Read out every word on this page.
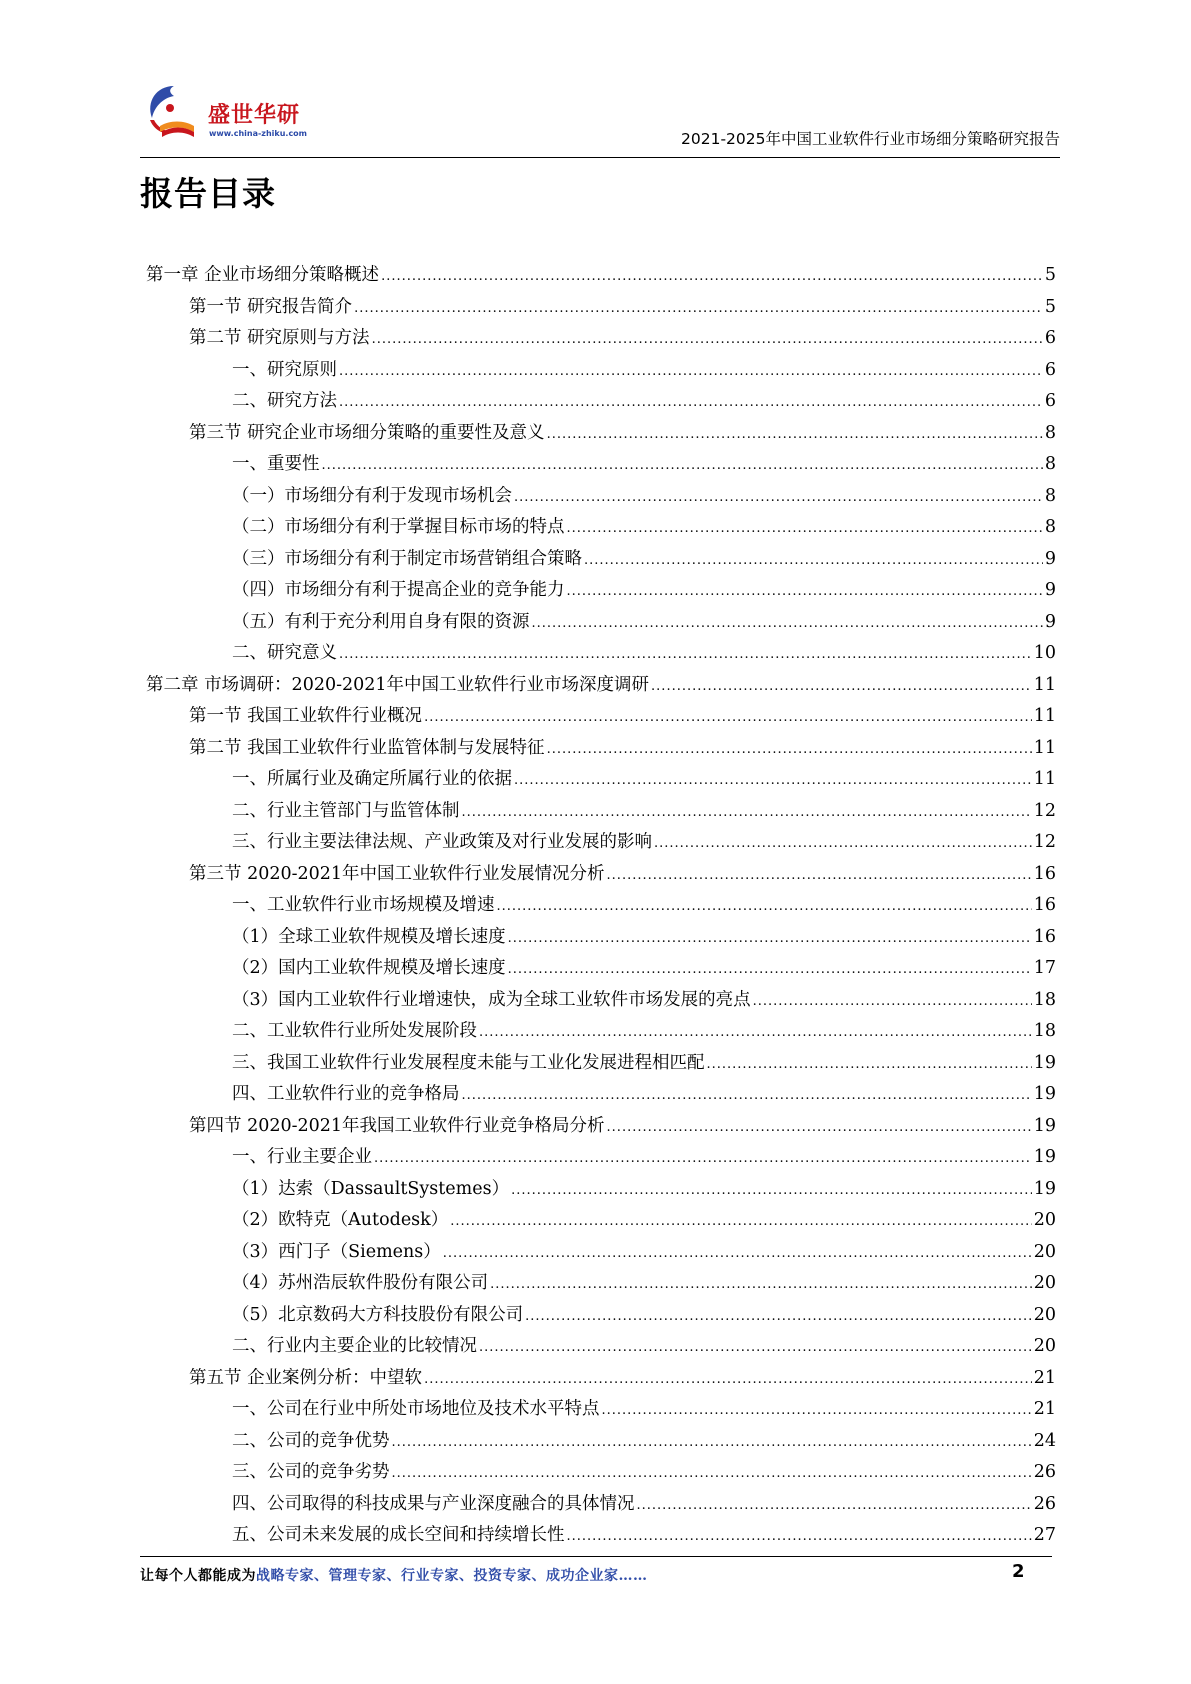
盛世华研
www.china-zhiku.com	2021-2025年中国工业软件行业市场细分策略研究报告
报告目录
第一章 企业市场细分策略概述 .....	5
第一节 研究报告简介 .....	5
第二节 研究原则与方法 .....	6
一、研究原则 .....	6
二、研究方法 .....	6
第三节 研究企业市场细分策略的重要性及意义 .....	8
一、重要性 .....	8
（一）市场细分有利于发现市场机会 .....	8
（二）市场细分有利于掌握目标市场的特点 .....	8
（三）市场细分有利于制定市场营销组合策略 .....	9
（四）市场细分有利于提高企业的竞争能力 .....	9
（五）有利于充分利用自身有限的资源 .....	9
二、研究意义 .....	10
第二章 市场调研：2020-2021年中国工业软件行业市场深度调研 .....	11
第一节 我国工业软件行业概况 .....	11
第二节 我国工业软件行业监管体制与发展特征 .....	11
一、所属行业及确定所属行业的依据 .....	11
二、行业主管部门与监管体制 .....	12
三、行业主要法律法规、产业政策及对行业发展的影响 .....	12
第三节 2020-2021年中国工业软件行业发展情况分析 .....	16
一、工业软件行业市场规模及增速 .....	16
（1）全球工业软件规模及增长速度 .....	16
（2）国内工业软件规模及增长速度 .....	17
（3）国内工业软件行业增速快，成为全球工业软件市场发展的亮点 .....	18
二、工业软件行业所处发展阶段 .....	18
三、我国工业软件行业发展程度未能与工业化发展进程相匹配 .....	19
四、工业软件行业的竞争格局 .....	19
第四节 2020-2021年我国工业软件行业竞争格局分析 .....	19
一、行业主要企业 .....	19
（1）达索（DassaultSystemes） .....	19
（2）欧特克（Autodesk） .....	20
（3）西门子（Siemens） .....	20
（4）苏州浩辰软件股份有限公司 .....	20
（5）北京数码大方科技股份有限公司 .....	20
二、行业内主要企业的比较情况 .....	20
第五节 企业案例分析：中望软 .....	21
一、公司在行业中所处市场地位及技术水平特点 .....	21
二、公司的竞争优势 .....	24
三、公司的竞争劣势 .....	26
四、公司取得的科技成果与产业深度融合的具体情况 .....	26
五、公司未来发展的成长空间和持续增长性 .....	27
让每个人都能成为战略专家、管理专家、行业专家、投资专家、成功企业家……	2
